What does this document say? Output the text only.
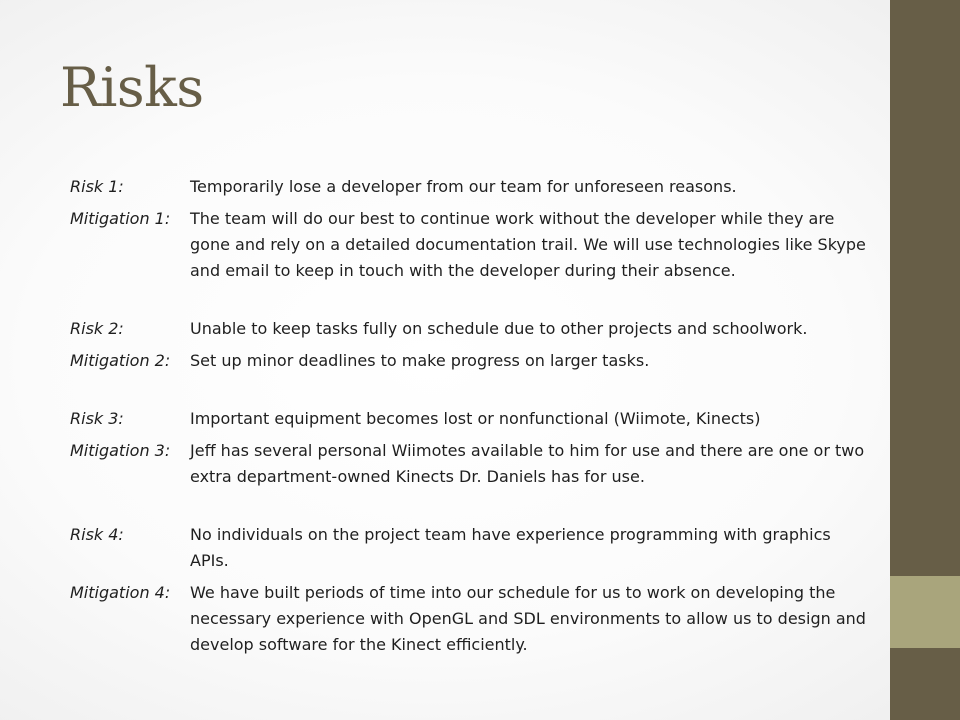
Risks
Risk 1:	Temporarily lose a developer from our team for unforeseen reasons.
Mitigation 1:	The team will do our best to continue work without the developer while they are gone and rely on a detailed documentation trail. We will use technologies like Skype and email to keep in touch with the developer during their absence.
Risk 2:	Unable to keep tasks fully on schedule due to other projects and schoolwork.
Mitigation 2:	Set up minor deadlines to make progress on larger tasks.
Risk 3:	Important equipment becomes lost or nonfunctional (Wiimote, Kinects)
Mitigation 3:	Jeff has several personal Wiimotes available to him for use and there are one or two extra department-owned Kinects Dr. Daniels has for use.
Risk 4:	No individuals on the project team have experience programming with graphics APIs.
Mitigation 4:	We have built periods of time into our schedule for us to work on developing the necessary experience with OpenGL and SDL environments to allow us to design and develop software for the Kinect efficiently.
